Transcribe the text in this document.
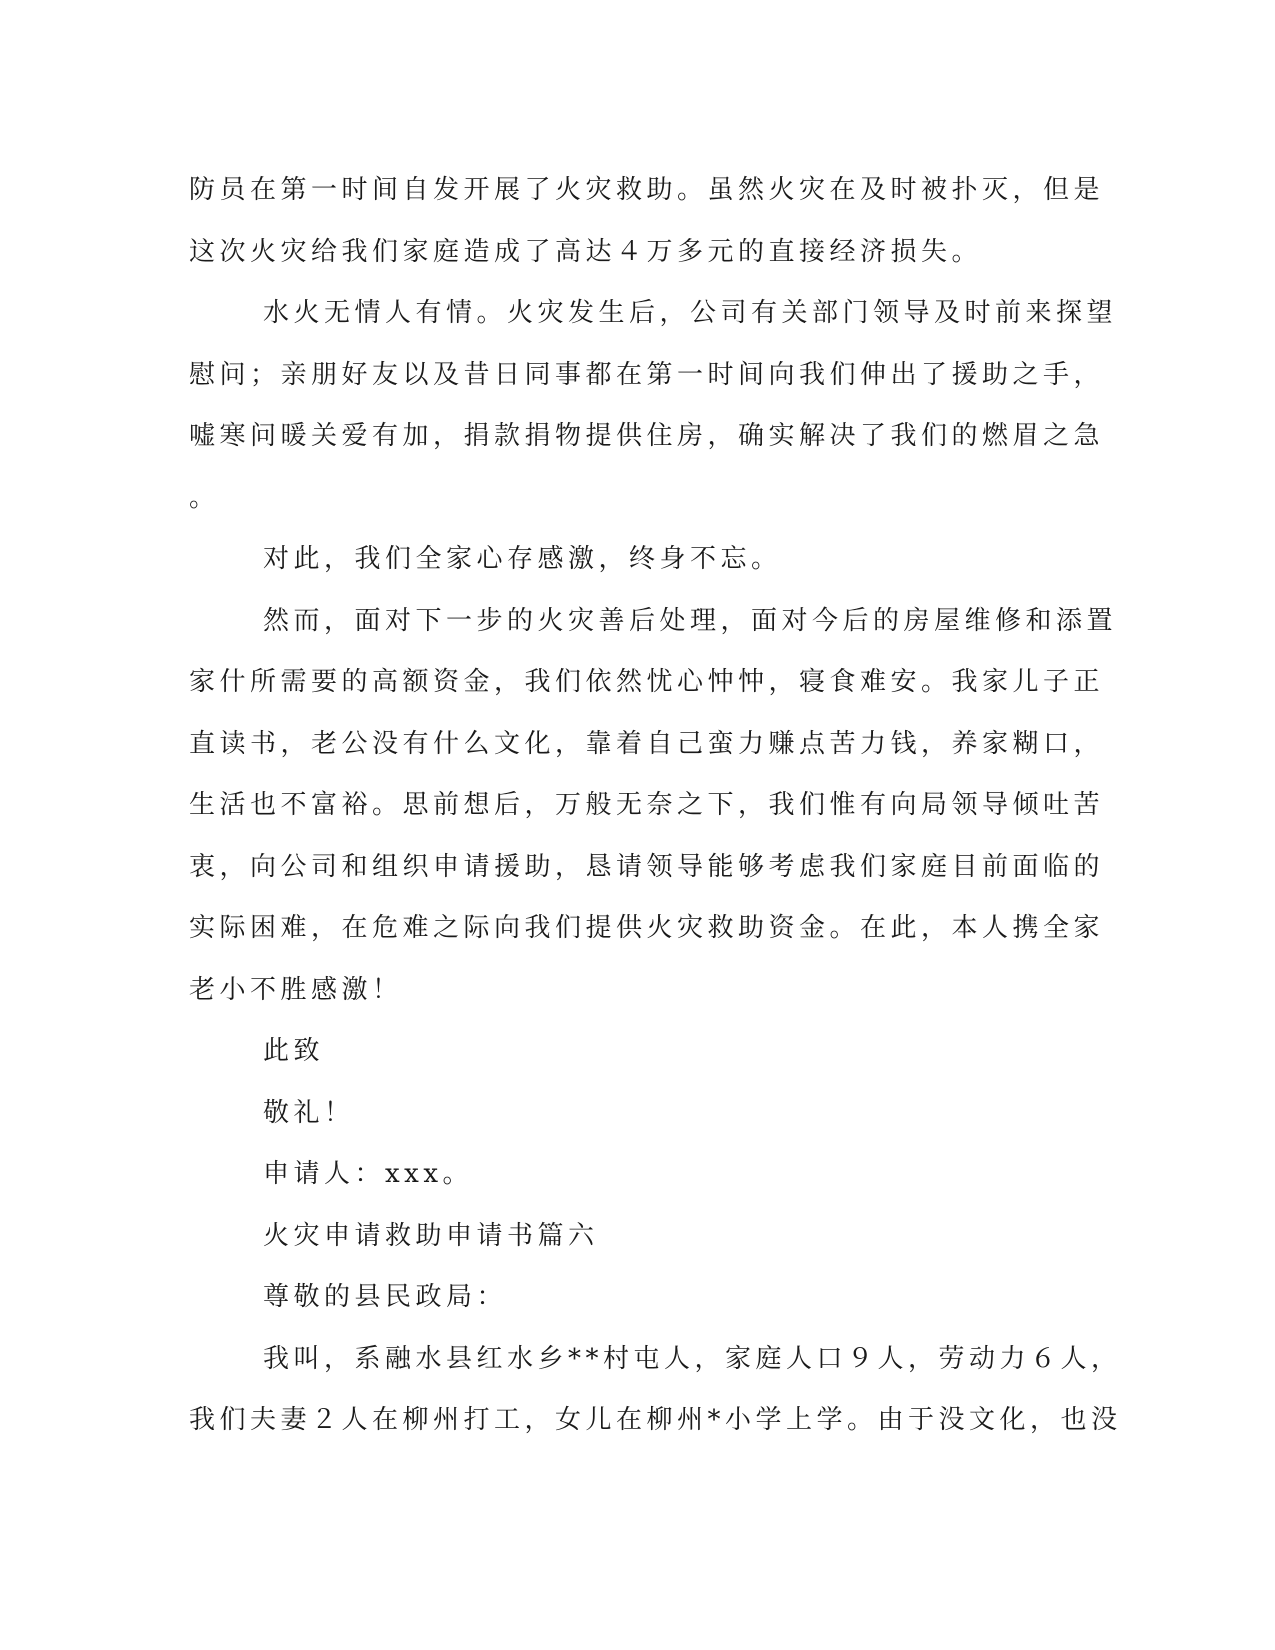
防员在第一时间自发开展了火灾救助。虽然火灾在及时被扑灭，但是
这次火灾给我们家庭造成了高达４万多元的直接经济损失。
水火无情人有情。火灾发生后，公司有关部门领导及时前来探望
慰问；亲朋好友以及昔日同事都在第一时间向我们伸出了援助之手，
嘘寒问暖关爱有加，捐款捐物提供住房，确实解决了我们的燃眉之急
。
对此，我们全家心存感激，终身不忘。
然而，面对下一步的火灾善后处理，面对今后的房屋维修和添置
家什所需要的高额资金，我们依然忧心忡忡，寝食难安。我家儿子正
直读书，老公没有什么文化，靠着自己蛮力赚点苦力钱，养家糊口，
生活也不富裕。思前想后，万般无奈之下，我们惟有向局领导倾吐苦
衷，向公司和组织申请援助，恳请领导能够考虑我们家庭目前面临的
实际困难，在危难之际向我们提供火灾救助资金。在此，本人携全家
老小不胜感激！
此致
敬礼！
申请人：xxx。
火灾申请救助申请书篇六
尊敬的县民政局：
我叫，系融水县红水乡**村屯人，家庭人口９人，劳动力６人，
我们夫妻２人在柳州打工，女儿在柳州*小学上学。由于没文化，也没
